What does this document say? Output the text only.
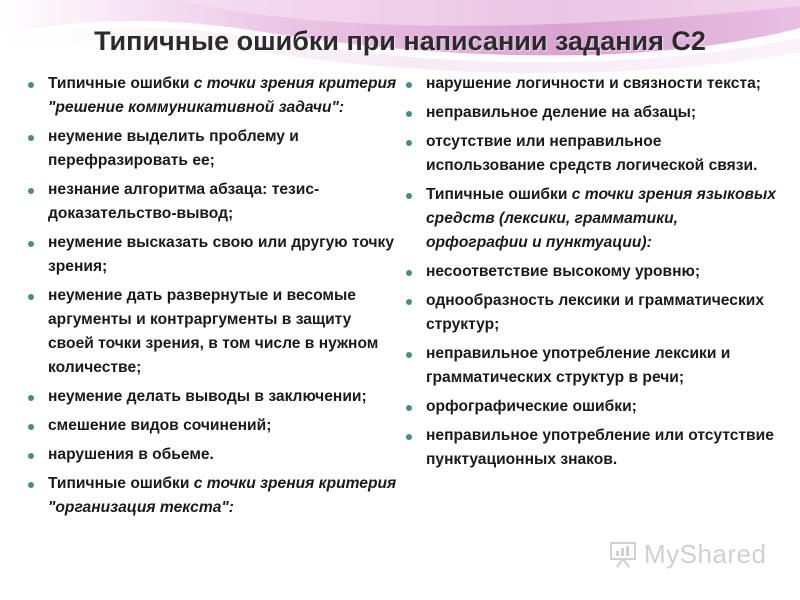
Типичные ошибки при написании задания С2
Типичные ошибки с точки зрения критерия "решение коммуникативной задачи":
неумение выделить проблему и перефразировать ее;
незнание алгоритма абзаца: тезис-доказательство-вывод;
неумение высказать свою или другую точку зрения;
неумение дать развернутые и весомые аргументы и контраргументы в защиту своей точки зрения, в том числе в нужном количестве;
неумение делать выводы в заключении;
смешение видов сочинений;
нарушения в обьеме.
Типичные ошибки с точки зрения критерия "организация текста":
нарушение логичности и связности текста;
неправильное деление на абзацы;
отсутствие или неправильное использование средств логической связи.
Типичные ошибки с точки зрения языковых средств (лексики, грамматики, орфографии и пунктуации):
несоответствие высокому уровню;
однообразность лексики и грамматических структур;
неправильное употребление лексики и грамматических структур в речи;
орфографические ошибки;
неправильное употребление или отсутствие пунктуационных знаков.
MyShared
